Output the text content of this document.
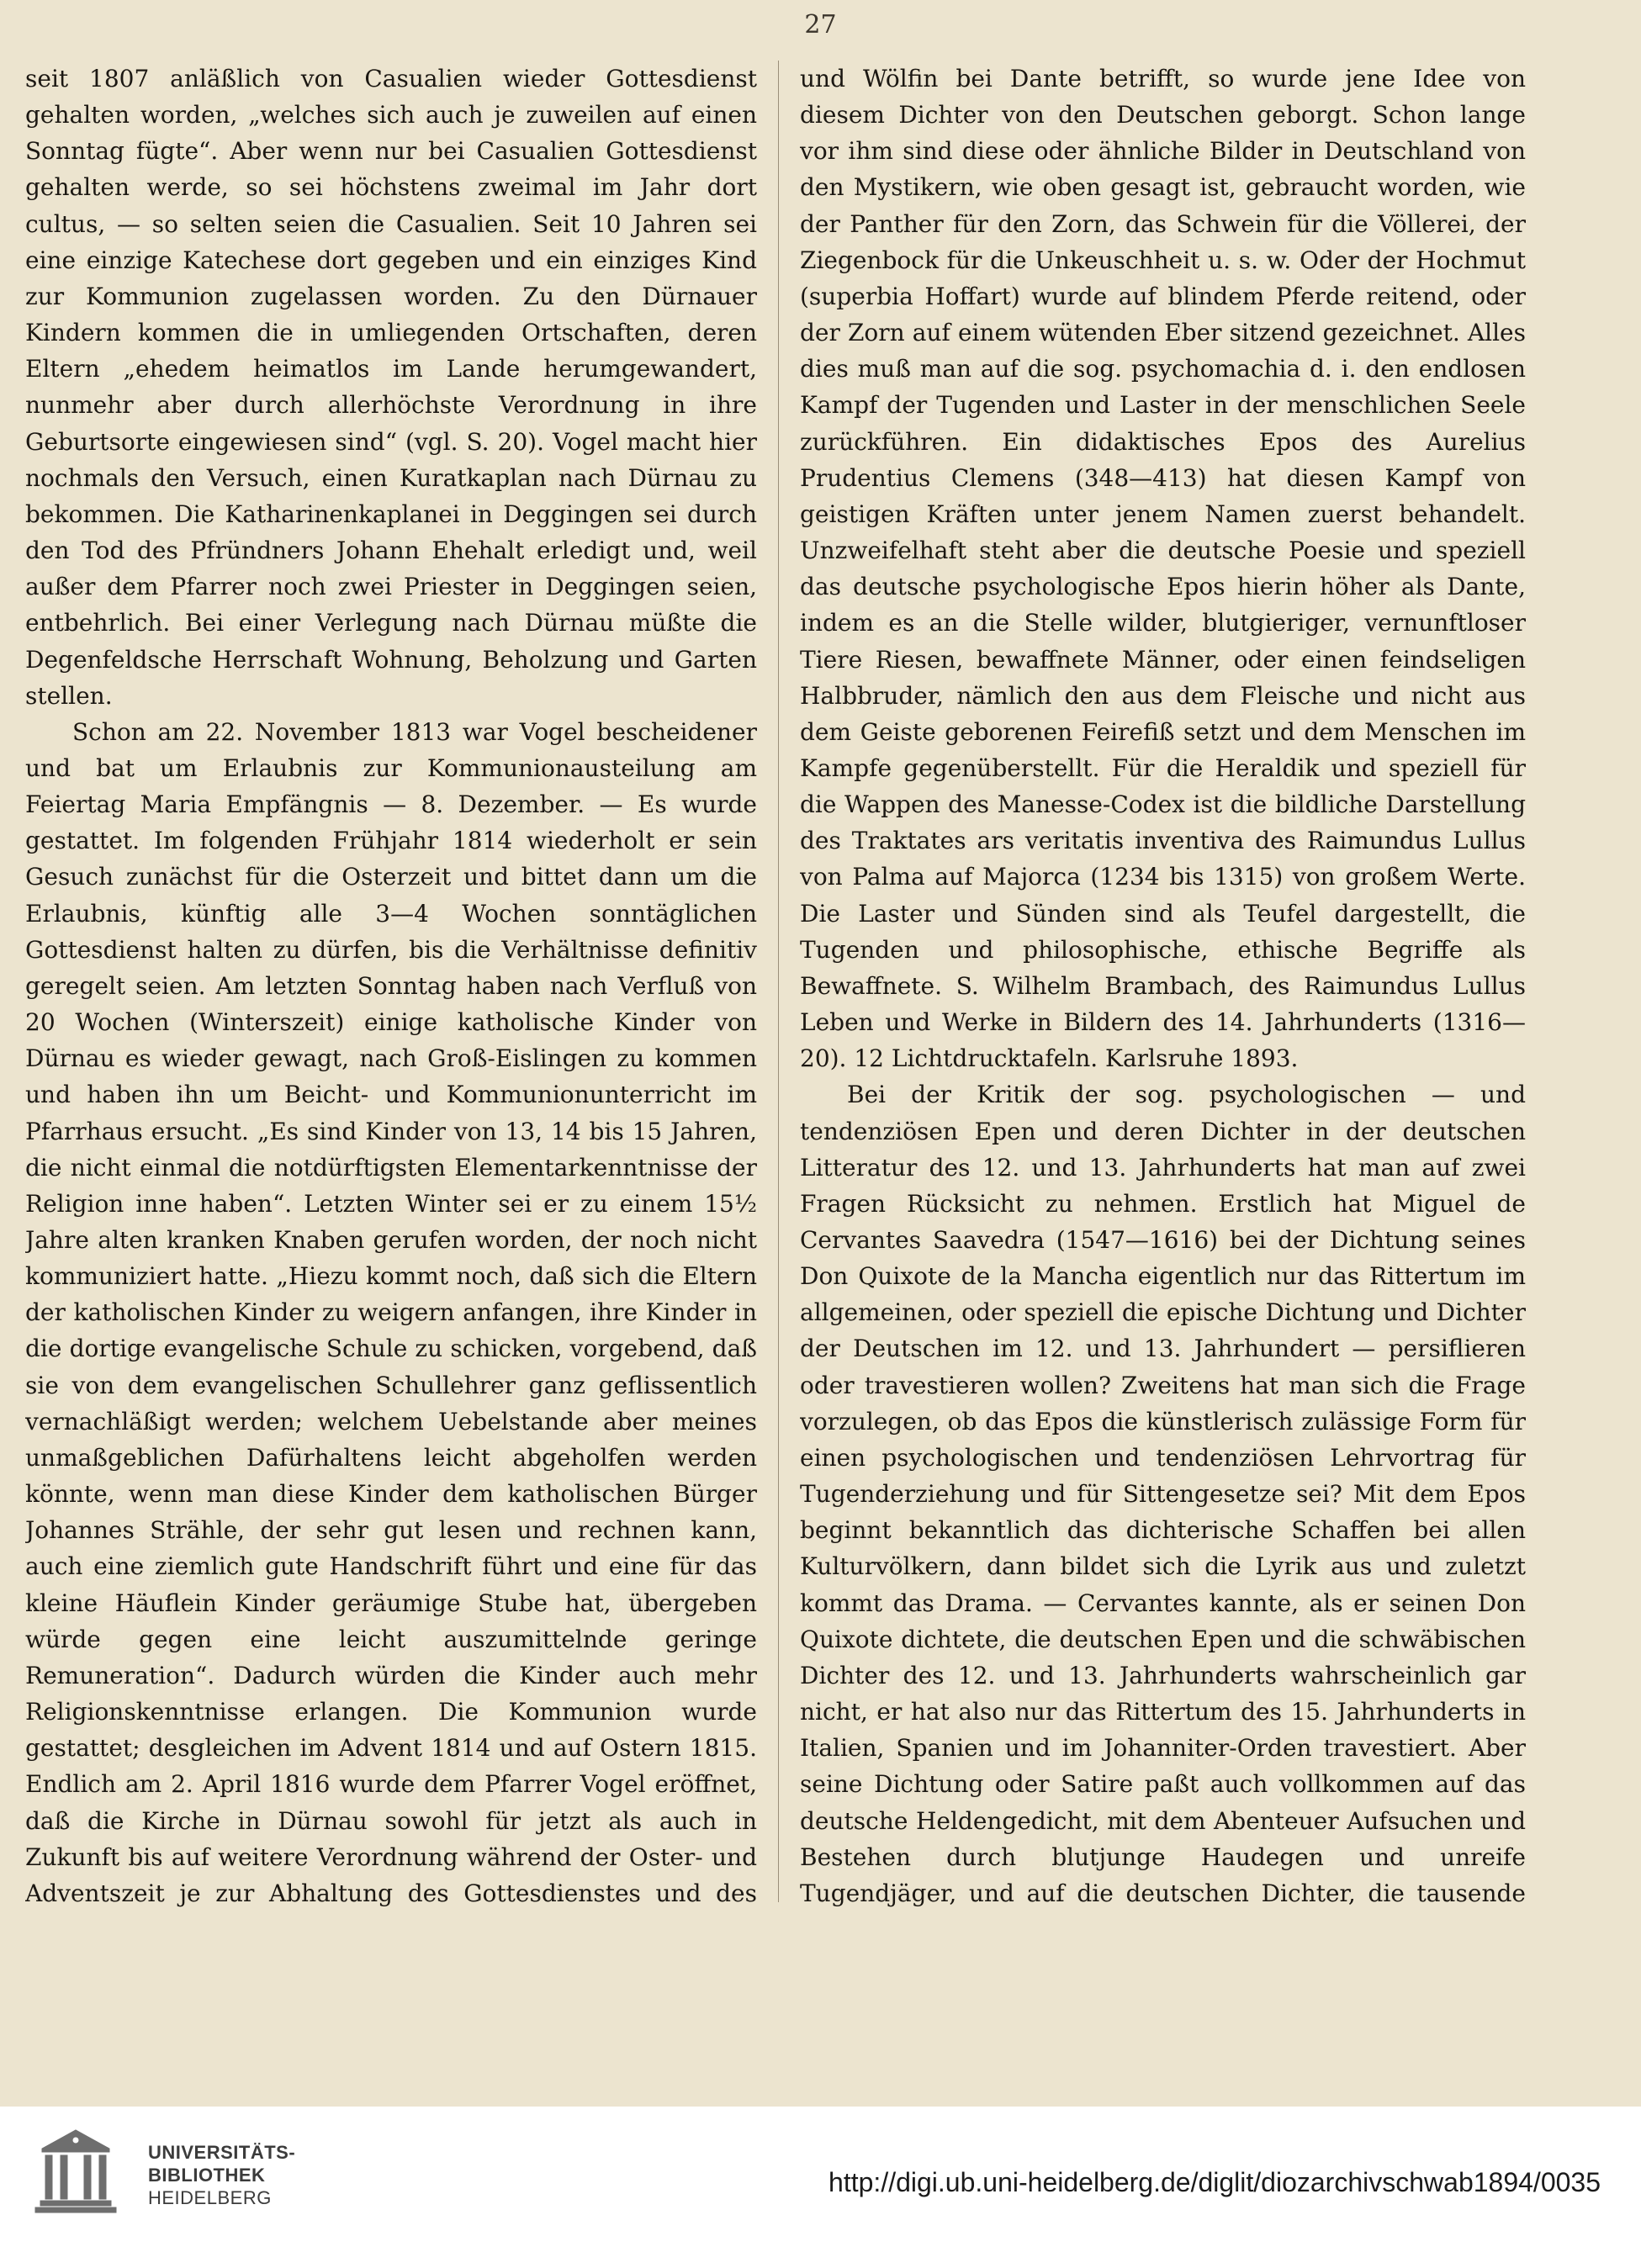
27

seit 1807 anläßlich von Casualien wieder Gottesdienst gehalten worden, „welches sich auch je zuweilen auf einen Sonntag fügte“. Aber wenn nur bei Casualien Gottesdienst gehalten werde, so sei höchstens zweimal im Jahr dort cultus, — so selten seien die Casualien. Seit 10 Jahren sei eine einzige Katechese dort gegeben und ein einziges Kind zur Kommunion zugelassen worden. Zu den Dürnauer Kindern kommen die in umliegenden Ortschaften, deren Eltern „ehedem heimatlos im Lande herumgewandert, nunmehr aber durch allerhöchste Verordnung in ihre Geburtsorte eingewiesen sind“ (vgl. S. 20). Vogel macht hier nochmals den Versuch, einen Kuratkaplan nach Dürnau zu bekommen. Die Katharinenkaplanei in Deggingen sei durch den Tod des Pfründners Johann Ehehalt erledigt und, weil außer dem Pfarrer noch zwei Priester in Deggingen seien, entbehrlich. Bei einer Verlegung nach Dürnau müßte die Degenfeldsche Herrschaft Wohnung, Beholzung und Garten stellen.

Schon am 22. November 1813 war Vogel bescheidener und bat um Erlaubnis zur Kommunionausteilung am Feiertag Maria Empfängnis — 8. Dezember. — Es wurde gestattet. Im folgenden Frühjahr 1814 wiederholt er sein Gesuch zunächst für die Osterzeit und bittet dann um die Erlaubnis, künftig alle 3—4 Wochen sonntäglichen Gottesdienst halten zu dürfen, bis die Verhältnisse definitiv geregelt seien. Am letzten Sonntag haben nach Verfluß von 20 Wochen (Winterszeit) einige katholische Kinder von Dürnau es wieder gewagt, nach Groß-Eislingen zu kommen und haben ihn um Beicht- und Kommunionunterricht im Pfarrhaus ersucht. „Es sind Kinder von 13, 14 bis 15 Jahren, die nicht einmal die notdürftigsten Elementarkenntnisse der Religion inne haben“. Letzten Winter sei er zu einem 15½ Jahre alten kranken Knaben gerufen worden, der noch nicht kommuniziert hatte. „Hiezu kommt noch, daß sich die Eltern der katholischen Kinder zu weigern anfangen, ihre Kinder in die dortige evangelische Schule zu schicken, vorgebend, daß sie von dem evangelischen Schullehrer ganz geflissentlich vernachläßigt werden; welchem Uebelstande aber meines unmaßgeblichen Dafürhaltens leicht abgeholfen werden könnte, wenn man diese Kinder dem katholischen Bürger Johannes Strähle, der sehr gut lesen und rechnen kann, auch eine ziemlich gute Handschrift führt und eine für das kleine Häuflein Kinder geräumige Stube hat, übergeben würde gegen eine leicht auszumittelnde geringe Remuneration“. Dadurch würden die Kinder auch mehr Religionskenntnisse erlangen. Die Kommunion wurde gestattet; desgleichen im Advent 1814 und auf Ostern 1815. Endlich am 2. April 1816 wurde dem Pfarrer Vogel eröffnet, daß die Kirche in Dürnau sowohl für jetzt als auch in Zukunft bis auf weitere Verordnung während der Oster- und Adventszeit je zur Abhaltung des Gottesdienstes und des

und Wölfin bei Dante betrifft, so wurde jene Idee von diesem Dichter von den Deutschen geborgt. Schon lange vor ihm sind diese oder ähnliche Bilder in Deutschland von den Mystikern, wie oben gesagt ist, gebraucht worden, wie der Panther für den Zorn, das Schwein für die Völlerei, der Ziegenbock für die Unkeuschheit u. s. w. Oder der Hochmut (superbia Hoffart) wurde auf blindem Pferde reitend, oder der Zorn auf einem wütenden Eber sitzend gezeichnet. Alles dies muß man auf die sog. psychomachia d. i. den endlosen Kampf der Tugenden und Laster in der menschlichen Seele zurückführen. Ein didaktisches Epos des Aurelius Prudentius Clemens (348—413) hat diesen Kampf von geistigen Kräften unter jenem Namen zuerst behandelt. Unzweifelhaft steht aber die deutsche Poesie und speziell das deutsche psychologische Epos hierin höher als Dante, indem es an die Stelle wilder, blutgieriger, vernunftloser Tiere Riesen, bewaffnete Männer, oder einen feindseligen Halbbruder, nämlich den aus dem Fleische und nicht aus dem Geiste geborenen Feirefiß setzt und dem Menschen im Kampfe gegenüberstellt. Für die Heraldik und speziell für die Wappen des Manesse-Codex ist die bildliche Darstellung des Traktates ars veritatis inventiva des Raimundus Lullus von Palma auf Majorca (1234 bis 1315) von großem Werte. Die Laster und Sünden sind als Teufel dargestellt, die Tugenden und philosophische, ethische Begriffe als Bewaffnete. S. Wilhelm Brambach, des Raimundus Lullus Leben und Werke in Bildern des 14. Jahrhunderts (1316—20). 12 Lichtdrucktafeln. Karlsruhe 1893.

Bei der Kritik der sog. psychologischen — und tendenziösen Epen und deren Dichter in der deutschen Litteratur des 12. und 13. Jahrhunderts hat man auf zwei Fragen Rücksicht zu nehmen. Erstlich hat Miguel de Cervantes Saavedra (1547—1616) bei der Dichtung seines Don Quixote de la Mancha eigentlich nur das Rittertum im allgemeinen, oder speziell die epische Dichtung und Dichter der Deutschen im 12. und 13. Jahrhundert — persiflieren oder travestieren wollen? Zweitens hat man sich die Frage vorzulegen, ob das Epos die künstlerisch zulässige Form für einen psychologischen und tendenziösen Lehrvortrag für Tugenderziehung und für Sittengesetze sei? Mit dem Epos beginnt bekanntlich das dichterische Schaffen bei allen Kulturvölkern, dann bildet sich die Lyrik aus und zuletzt kommt das Drama. — Cervantes kannte, als er seinen Don Quixote dichtete, die deutschen Epen und die schwäbischen Dichter des 12. und 13. Jahrhunderts wahrscheinlich gar nicht, er hat also nur das Rittertum des 15. Jahrhunderts in Italien, Spanien und im Johanniter-Orden travestiert. Aber seine Dichtung oder Satire paßt auch vollkommen auf das deutsche Heldengedicht, mit dem Abenteuer Aufsuchen und Bestehen durch blutjunge Haudegen und unreife Tugendjäger, und auf die deutschen Dichter, die tausende

UNIVERSITÄTS-
BIBLIOTHEK
HEIDELBERG
http://digi.ub.uni-heidelberg.de/diglit/diozarchivschwab1894/0035
